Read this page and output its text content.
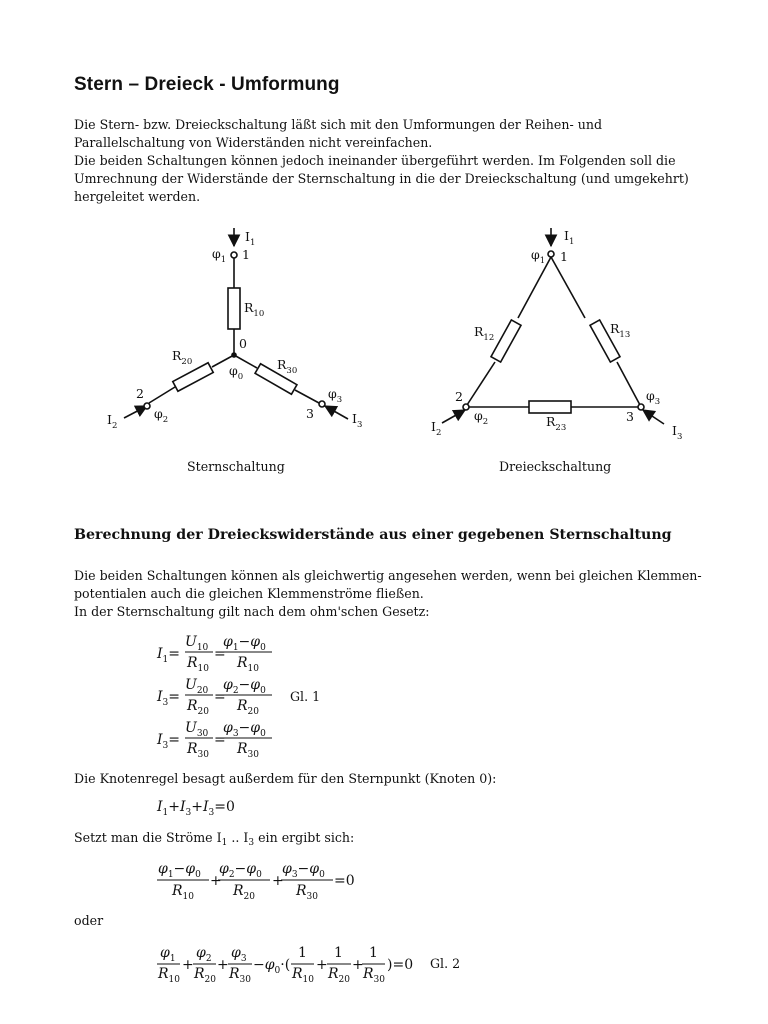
Stern – Dreieck - Umformung
Die Stern- bzw. Dreieckschaltung läßt sich mit den Umformungen der Reihen- und
Parallelschaltung von Widerständen nicht vereinfachen.
Die beiden Schaltungen können jedoch ineinander übergeführt werden. Im Folgenden soll die
Umrechnung der Widerstände der Sternschaltung in die der Dreieckschaltung (und umgekehrt)
hergeleitet werden.
$I_1$
$\varphi_1$ 1
$R_{10}$
0
$R_{20}$	$R_{30}$
$\varphi_0$
2
$\varphi_2$
$I_2$
$\varphi_3$
3	$I_3$
Sternschaltung
$I_1$
$\varphi_1$ 1
$R_{12}$
$R_{13}$
2
$\varphi_2$
$I_2$
$R_{23}$
$\varphi_3$
3
$I_3$
Dreieckschaltung
Berechnung der Dreieckswiderstände aus einer gegebenen Sternschaltung
Die beiden Schaltungen können als gleichwertig angesehen werden, wenn bei gleichen Klemmen-
potentialen auch die gleichen Klemmenströme fließen.
In der Sternschaltung gilt nach dem ohm'schen Gesetz:
$I_1=$
$U_{10}$
$R_{10}$
=
$\varphi_1-\varphi_0$
$R_{10}$
$I_3=$
$U_{20}$
$R_{20}$
=
$\varphi_2-\varphi_0$
$R_{20}$
Gl. 1
$I_3=$
$U_{30}$
$R_{30}$
=
$\varphi_3-\varphi_0$
$R_{30}$
Die Knotenregel besagt außerdem für den Sternpunkt (Knoten 0):
$I_1+I_3+I_3=0$
$\varphi_1-\varphi_0$
$R_{10}$
+
$\varphi_2-\varphi_0$
$R_{20}$
+
$\varphi_3-\varphi_0$
$R_{30}$
=0
$\varphi_1$
$R_{10}$
+
$\varphi_2$
$R_{20}$
+
$\varphi_3$
$R_{30}$
$-\varphi_0\cdot$(
1
$R_{10}$
+
1
$R_{20}$
+
1
$R_{30}$
)=0 Gl. 2
Setzt man die Ströme $I_1$ .. $I_3$ ein ergibt sich:
oder
